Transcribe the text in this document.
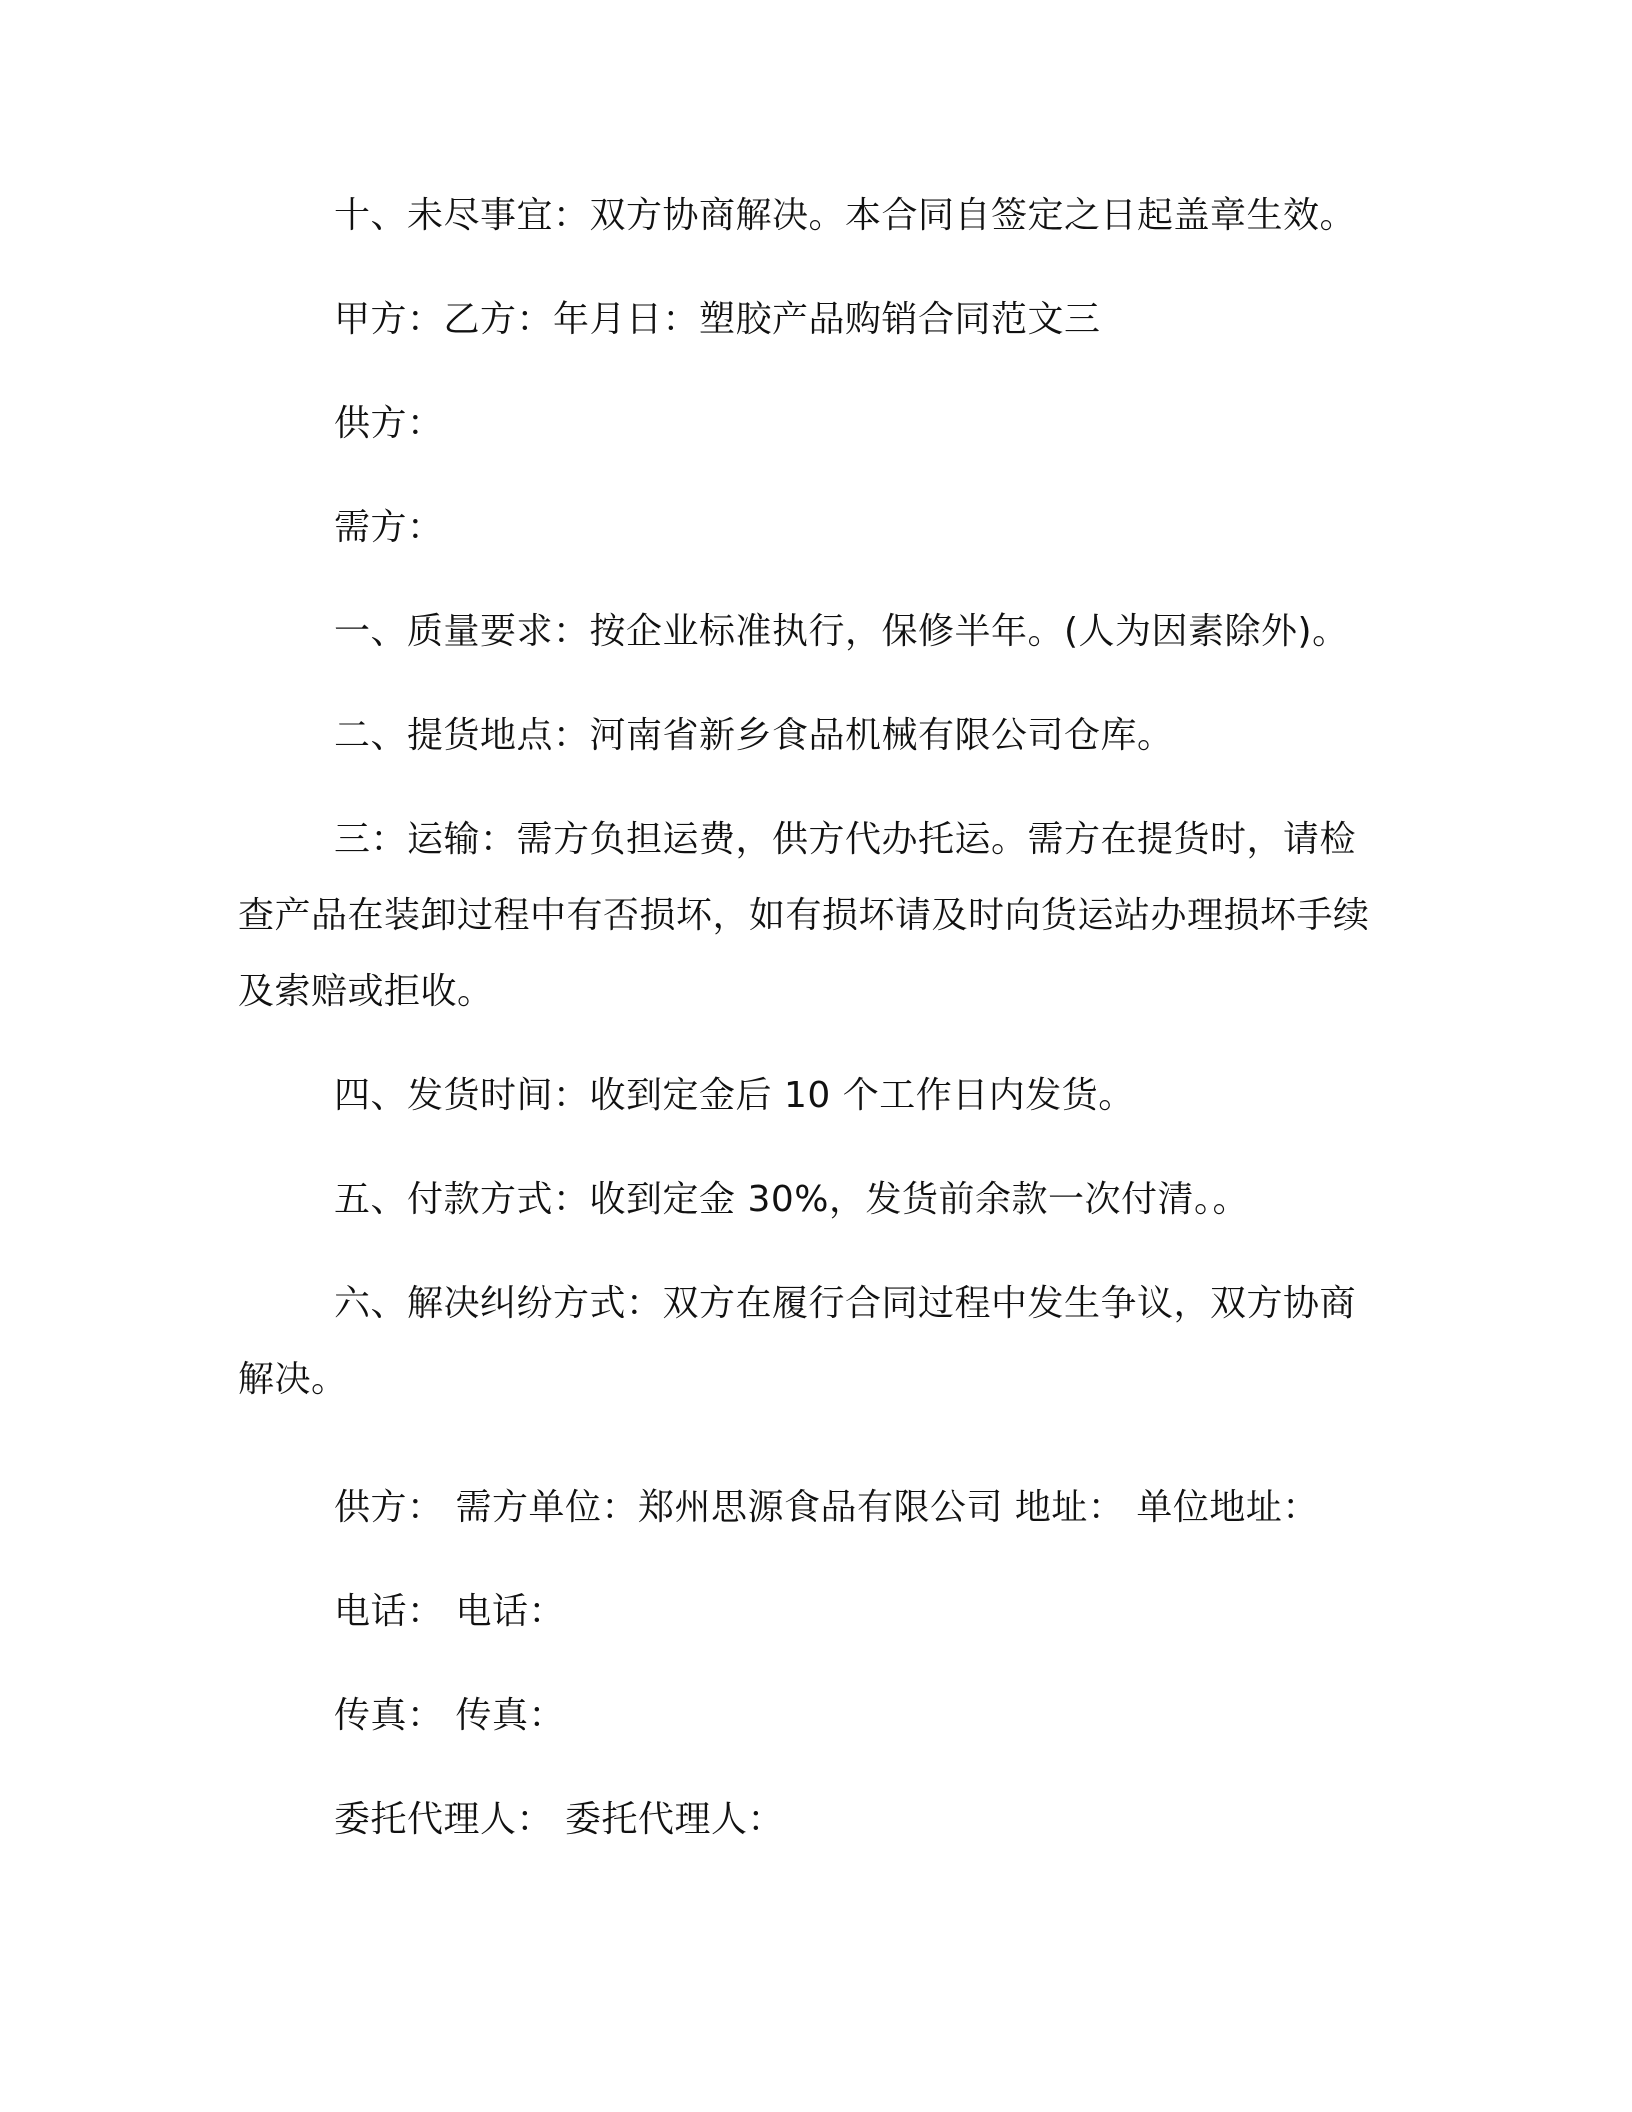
十、未尽事宜：双方协商解决。本合同自签定之日起盖章生效。

甲方：乙方：年月日：塑胶产品购销合同范文三

供方：

需方：

一、质量要求：按企业标准执行，保修半年。(人为因素除外)。

二、提货地点：河南省新乡食品机械有限公司仓库。

三：运输：需方负担运费，供方代办托运。需方在提货时，请检查产品在装卸过程中有否损坏，如有损坏请及时向货运站办理损坏手续及索赔或拒收。

四、发货时间：收到定金后 10 个工作日内发货。

五、付款方式：收到定金 30%，发货前余款一次付清。。

六、解决纠纷方式：双方在履行合同过程中发生争议，双方协商解决。

供方： 需方单位：郑州思源食品有限公司 地址： 单位地址：

电话： 电话：

传真： 传真：

委托代理人： 委托代理人：
